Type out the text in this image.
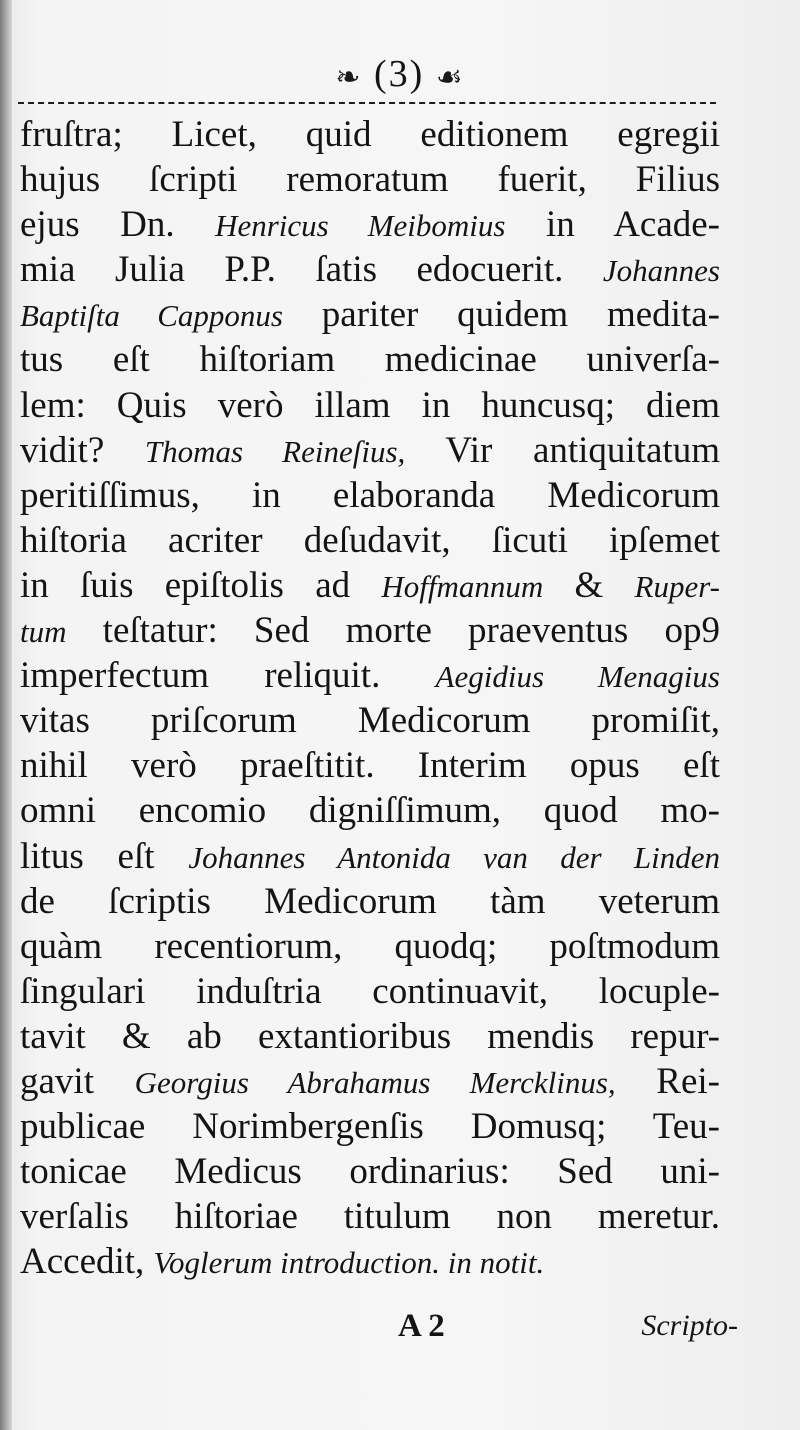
❧ (3) ☙
fruſtra; Licet, quid editionem egregii
hujus ſcripti remoratum fuerit, Filius
ejus Dn. Henricus Meibomius in Acade-
mia Julia P.P. ſatis edocuerit. Johannes
Baptiſta Capponus pariter quidem medita-
tus eſt hiſtoriam medicinae univerſa-
lem: Quis verò illam in huncusq; diem
vidit? Thomas Reineſius, Vir antiquitatum
peritiſſimus, in elaboranda Medicorum
hiſtoria acriter deſudavit, ſicuti ipſemet
in ſuis epiſtolis ad Hoffmannum & Ruper-
tum teſtatur: Sed morte praeventus op9
imperfectum reliquit. Aegidius Menagius
vitas priſcorum Medicorum promiſit,
nihil verò praeſtitit. Interim opus eſt
omni encomio digniſſimum, quod mo-
litus eſt Johannes Antonida van der Linden
de ſcriptis Medicorum tàm veterum
quàm recentiorum, quodq; poſtmodum
ſingulari induſtria continuavit, locuple-
tavit & ab extantioribus mendis repur-
gavit Georgius Abrahamus Mercklinus, Rei-
publicae Norimbergenſis Domusq; Teu-
tonicae Medicus ordinarius: Sed uni-
verſalis hiſtoriae titulum non meretur.
Accedit, Voglerum introduction. in notit.
A 2	Scripto-
